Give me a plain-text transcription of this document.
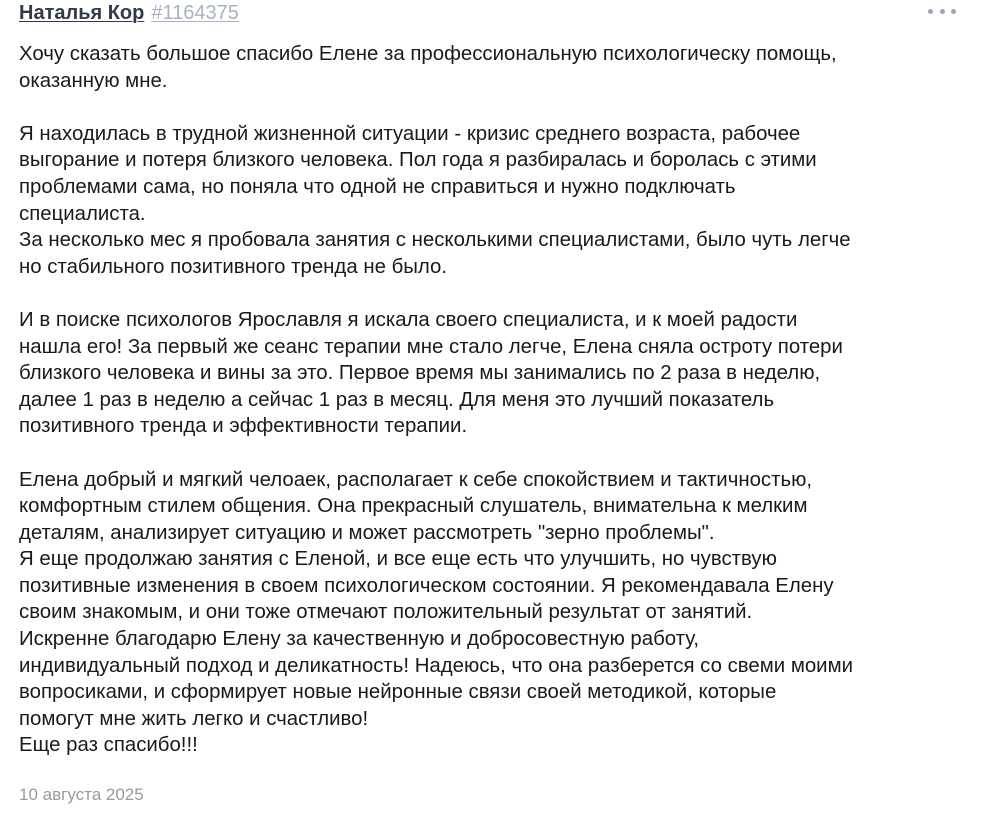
Наталья Кор #1164375

Хочу сказать большое спасибо Елене за профессиональную психологическу помощь,
оказанную мне.

Я находилась в трудной жизненной ситуации - кризис среднего возраста, рабочее
выгорание и потеря близкого человека. Пол года я разбиралась и боролась с этими
проблемами сама, но поняла что одной не справиться и нужно подключать
специалиста.
За несколько мес я пробовала занятия с несколькими специалистами, было чуть легче
но стабильного позитивного тренда не было.

И в поиске психологов Ярославля я искала своего специалиста, и к моей радости
нашла его! За первый же сеанс терапии мне стало легче, Елена сняла остроту потери
близкого человека и вины за это. Первое время мы занимались по 2 раза в неделю,
далее 1 раз в неделю а сейчас 1 раз в месяц. Для меня это лучший показатель
позитивного тренда и эффективности терапии.

Елена добрый и мягкий челоаек, располагает к себе спокойствием и тактичностью,
комфортным стилем общения. Она прекрасный слушатель, внимательна к мелким
деталям, анализирует ситуацию и может рассмотреть "зерно проблемы".
Я еще продолжаю занятия с Еленой, и все еще есть что улучшить, но чувствую
позитивные изменения в своем психологическом состоянии. Я рекомендавала Елену
своим знакомым, и они тоже отмечают положительный результат от занятий.
Искренне благодарю Елену за качественную и добросовестную работу,
индивидуальный подход и деликатность! Надеюсь, что она разберется со свеми моими
вопросиками, и сформирует новые нейронные связи своей методикой, которые
помогут мне жить легко и счастливо!
Еще раз спасибо!!!

10 августа 2025
